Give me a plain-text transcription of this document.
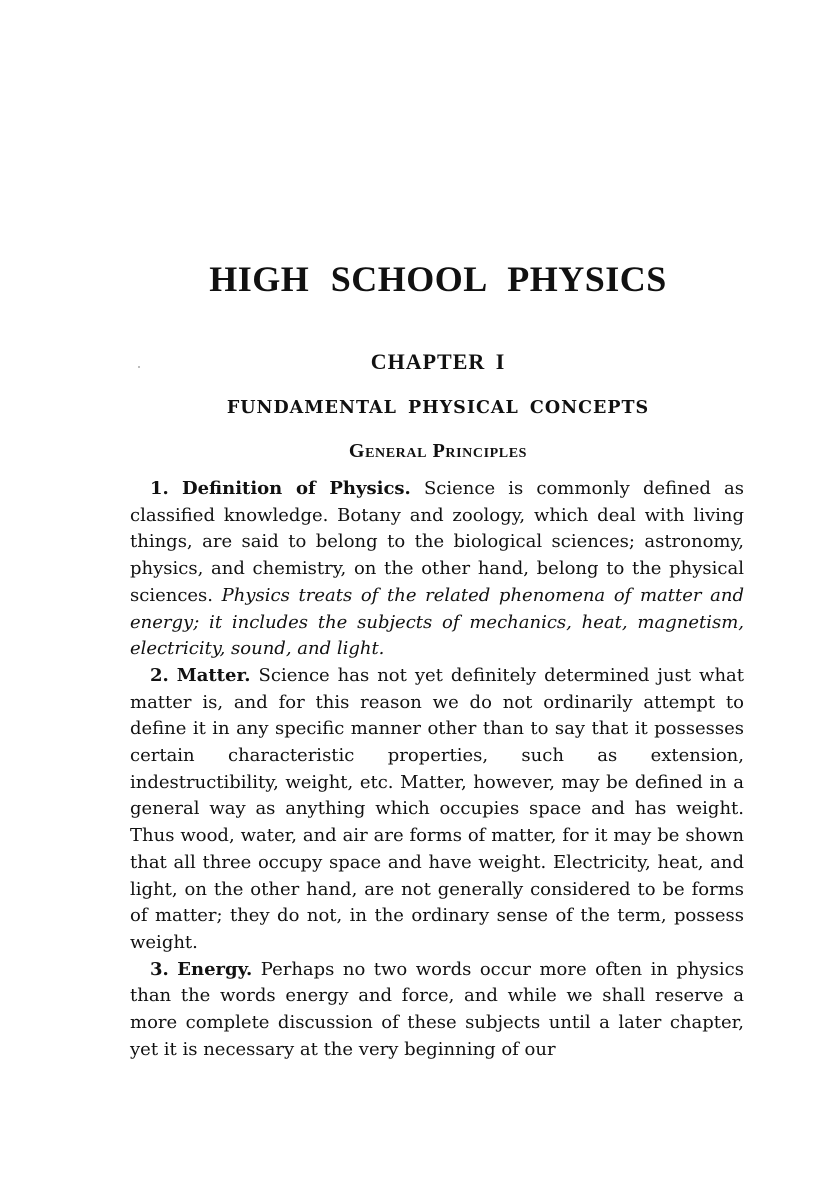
HIGH SCHOOL PHYSICS
CHAPTER I
FUNDAMENTAL PHYSICAL CONCEPTS
General Principles

1. Definition of Physics. Science is commonly defined as classified knowledge. Botany and zoology, which deal with living things, are said to belong to the biological sciences; astronomy, physics, and chemistry, on the other hand, belong to the physical sciences. Physics treats of the related phenomena of matter and energy; it includes the subjects of mechanics, heat, magnetism, electricity, sound, and light.

2. Matter. Science has not yet definitely determined just what matter is, and for this reason we do not ordinarily attempt to define it in any specific manner other than to say that it possesses certain characteristic properties, such as extension, indestructibility, weight, etc. Matter, however, may be defined in a general way as anything which occupies space and has weight. Thus wood, water, and air are forms of matter, for it may be shown that all three occupy space and have weight. Electricity, heat, and light, on the other hand, are not generally considered to be forms of matter; they do not, in the ordinary sense of the term, possess weight.

3. Energy. Perhaps no two words occur more often in physics than the words energy and force, and while we shall reserve a more complete discussion of these subjects until a later chapter, yet it is necessary at the very beginning of our
